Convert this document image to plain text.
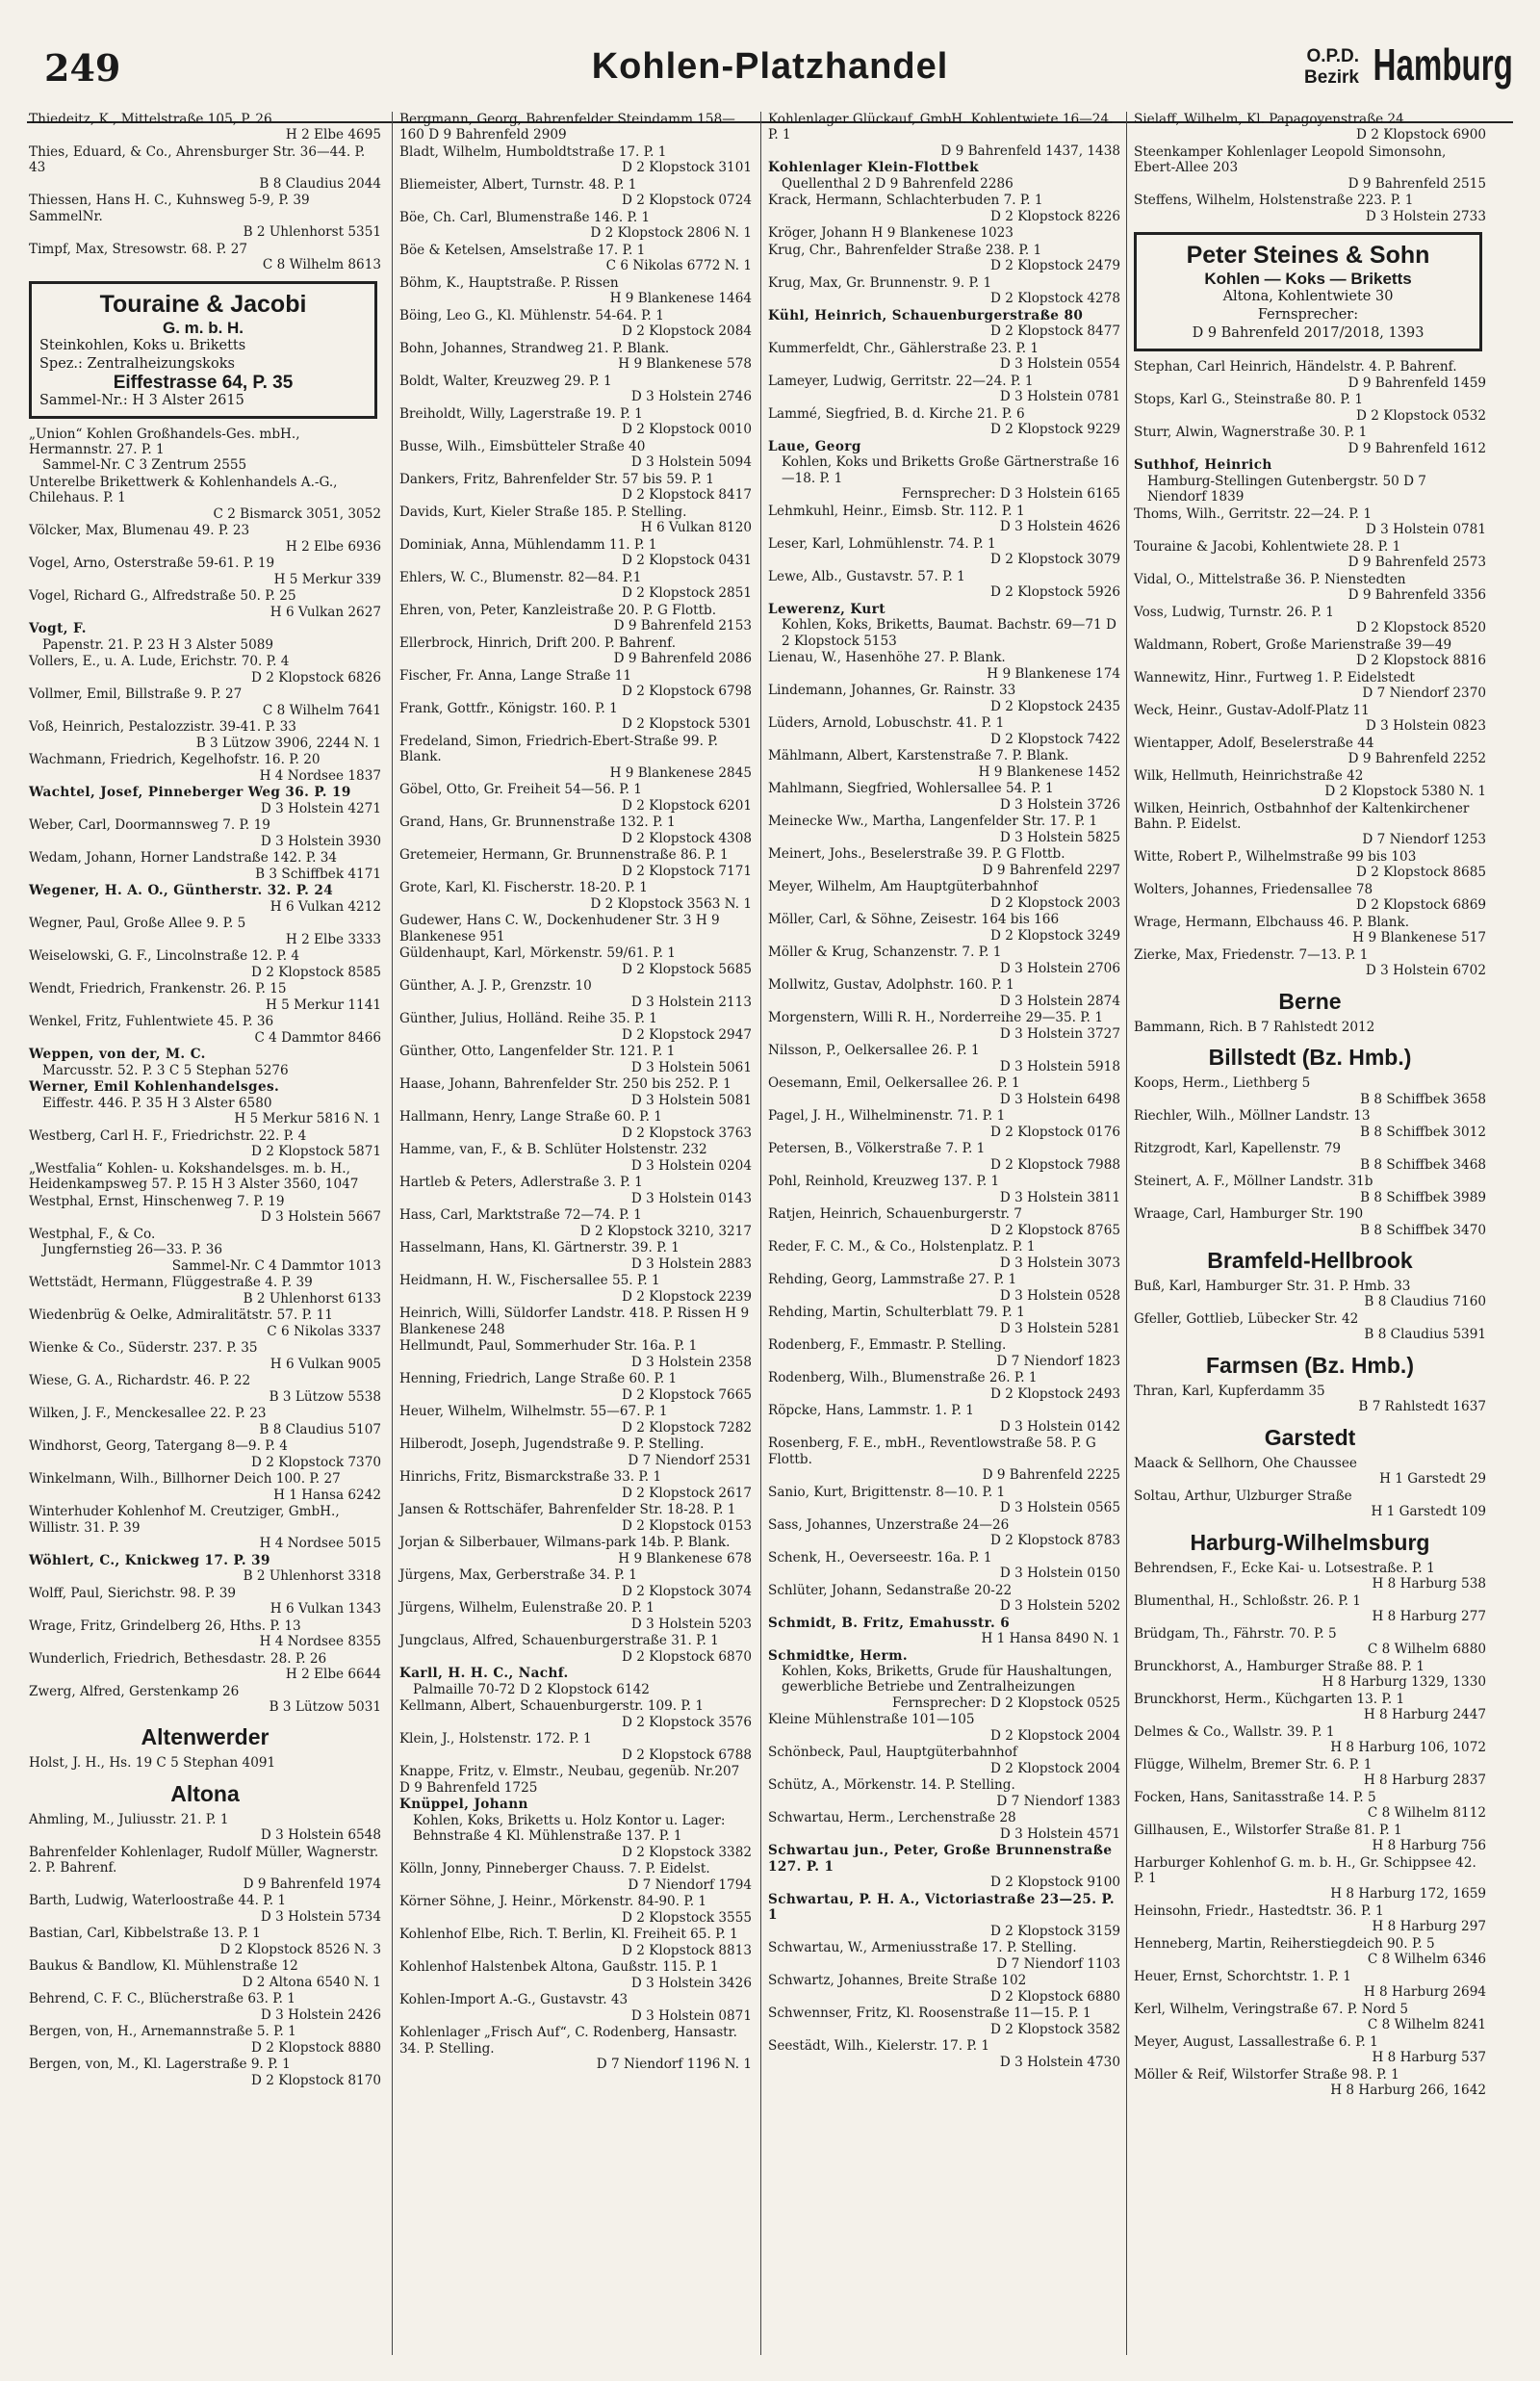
249	Kohlen-Platzhandel	O.P.D.
Bezirk Hamburg
Thiedeitz, K., Mittelstraße 105, P. 26
H 2 Elbe 4695
Thies, Eduard, & Co., Ahrensburger Str. 36—44. P. 43
B 8 Claudius 2044
Thiessen, Hans H. C., Kuhnsweg 5-9, P. 39 SammelNr.
B 2 Uhlenhorst 5351
Timpf, Max, Stresowstr. 68. P. 27
C 8 Wilhelm 8613
Touraine & Jacobi
G. m. b. H.
Steinkohlen, Koks u. Briketts
Spez.: Zentralheizungskoks
Eiffestrasse 64, P. 35
Sammel-Nr.: H 3 Alster 2615
„Union“ Kohlen Großhandels-Ges. mbH., Hermannstr. 27. P. 1
Sammel-Nr. C 3 Zentrum 2555
Unterelbe Brikettwerk & Kohlenhandels A.-G., Chilehaus. P. 1
C 2 Bismarck 3051, 3052
Völcker, Max, Blumenau 49. P. 23
H 2 Elbe 6936
Vogel, Arno, Osterstraße 59-61. P. 19
H 5 Merkur 339
Vogel, Richard G., Alfredstraße 50. P. 25
H 6 Vulkan 2627
Vogt, F.
Papenstr. 21. P. 23 H 3 Alster 5089
Vollers, E., u. A. Lude, Erichstr. 70. P. 4
D 2 Klopstock 6826
Vollmer, Emil, Billstraße 9. P. 27
C 8 Wilhelm 7641
Voß, Heinrich, Pestalozzistr. 39-41. P. 33
B 3 Lützow 3906, 2244 N. 1
Wachmann, Friedrich, Kegelhofstr. 16. P. 20
H 4 Nordsee 1837
Wachtel, Josef, Pinneberger Weg 36. P. 19
D 3 Holstein 4271
Weber, Carl, Doormannsweg 7. P. 19
D 3 Holstein 3930
Wedam, Johann, Horner Landstraße 142. P. 34
B 3 Schiffbek 4171
Wegener, H. A. O., Güntherstr. 32. P. 24
H 6 Vulkan 4212
Wegner, Paul, Große Allee 9. P. 5
H 2 Elbe 3333
Weiselowski, G. F., Lincolnstraße 12. P. 4
D 2 Klopstock 8585
Wendt, Friedrich, Frankenstr. 26. P. 15
H 5 Merkur 1141
Wenkel, Fritz, Fuhlentwiete 45. P. 36
C 4 Dammtor 8466
Weppen, von der, M. C.
Marcusstr. 52. P. 3 C 5 Stephan 5276
Werner, Emil Kohlenhandelsges.
Eiffestr. 446. P. 35 H 3 Alster 6580
H 5 Merkur 5816 N. 1
Westberg, Carl H. F., Friedrichstr. 22. P. 4
D 2 Klopstock 5871
„Westfalia“ Kohlen- u. Kokshandelsges. m. b. H., Heidenkampsweg 57. P. 15 H 3 Alster 3560, 1047
Westphal, Ernst, Hinschenweg 7. P. 19
D 3 Holstein 5667
Westphal, F., & Co.
Jungfernstieg 26—33. P. 36
Sammel-Nr. C 4 Dammtor 1013
Wettstädt, Hermann, Flüggestraße 4. P. 39
B 2 Uhlenhorst 6133
Wiedenbrüg & Oelke, Admiralitätstr. 57. P. 11
C 6 Nikolas 3337
Wienke & Co., Süderstr. 237. P. 35
H 6 Vulkan 9005
Wiese, G. A., Richardstr. 46. P. 22
B 3 Lützow 5538
Wilken, J. F., Menckesallee 22. P. 23
B 8 Claudius 5107
Windhorst, Georg, Tatergang 8—9. P. 4
D 2 Klopstock 7370
Winkelmann, Wilh., Billhorner Deich 100. P. 27
H 1 Hansa 6242
Winterhuder Kohlenhof M. Creutziger, GmbH., Willistr. 31. P. 39
H 4 Nordsee 5015
Wöhlert, C., Knickweg 17. P. 39
B 2 Uhlenhorst 3318
Wolff, Paul, Sierichstr. 98. P. 39
H 6 Vulkan 1343
Wrage, Fritz, Grindelberg 26, Hths. P. 13
H 4 Nordsee 8355
Wunderlich, Friedrich, Bethesdastr. 28. P. 26
H 2 Elbe 6644
Zwerg, Alfred, Gerstenkamp 26
B 3 Lützow 5031
Altenwerder
Holst, J. H., Hs. 19 C 5 Stephan 4091
Altona
Ahmling, M., Juliusstr. 21. P. 1
D 3 Holstein 6548
Bahrenfelder Kohlenlager, Rudolf Müller, Wagnerstr. 2. P. Bahrenf.
D 9 Bahrenfeld 1974
Barth, Ludwig, Waterloostraße 44. P. 1
D 3 Holstein 5734
Bastian, Carl, Kibbelstraße 13. P. 1
D 2 Klopstock 8526 N. 3
Baukus & Bandlow, Kl. Mühlenstraße 12
D 2 Altona 6540 N. 1
Behrend, C. F. C., Blücherstraße 63. P. 1
D 3 Holstein 2426
Bergen, von, H., Arnemannstraße 5. P. 1
D 2 Klopstock 8880
Bergen, von, M., Kl. Lagerstraße 9. P. 1
D 2 Klopstock 8170
Bergmann, Georg, Bahrenfelder Steindamm 158—160 D 9 Bahrenfeld 2909
Bladt, Wilhelm, Humboldtstraße 17. P. 1
D 2 Klopstock 3101
Bliemeister, Albert, Turnstr. 48. P. 1
D 2 Klopstock 0724
Böe, Ch. Carl, Blumenstraße 146. P. 1
D 2 Klopstock 2806 N. 1
Böe & Ketelsen, Amselstraße 17. P. 1
C 6 Nikolas 6772 N. 1
Böhm, K., Hauptstraße. P. Rissen
H 9 Blankenese 1464
Böing, Leo G., Kl. Mühlenstr. 54-64. P. 1
D 2 Klopstock 2084
Bohn, Johannes, Strandweg 21. P. Blank.
H 9 Blankenese 578
Boldt, Walter, Kreuzweg 29. P. 1
D 3 Holstein 2746
Breiholdt, Willy, Lagerstraße 19. P. 1
D 2 Klopstock 0010
Busse, Wilh., Eimsbütteler Straße 40
D 3 Holstein 5094
Dankers, Fritz, Bahrenfelder Str. 57 bis 59. P. 1
D 2 Klopstock 8417
Davids, Kurt, Kieler Straße 185. P. Stelling.
H 6 Vulkan 8120
Dominiak, Anna, Mühlendamm 11. P. 1
D 2 Klopstock 0431
Ehlers, W. C., Blumenstr. 82—84. P.1
D 2 Klopstock 2851
Ehren, von, Peter, Kanzleistraße 20. P. G Flottb.
D 9 Bahrenfeld 2153
Ellerbrock, Hinrich, Drift 200. P. Bahrenf.
D 9 Bahrenfeld 2086
Fischer, Fr. Anna, Lange Straße 11
D 2 Klopstock 6798
Frank, Gottfr., Königstr. 160. P. 1
D 2 Klopstock 5301
Fredeland, Simon, Friedrich-Ebert-Straße 99. P. Blank.
H 9 Blankenese 2845
Göbel, Otto, Gr. Freiheit 54—56. P. 1
D 2 Klopstock 6201
Grand, Hans, Gr. Brunnenstraße 132. P. 1
D 2 Klopstock 4308
Gretemeier, Hermann, Gr. Brunnenstraße 86. P. 1
D 2 Klopstock 7171
Grote, Karl, Kl. Fischerstr. 18-20. P. 1
D 2 Klopstock 3563 N. 1
Gudewer, Hans C. W., Dockenhudener Str. 3 H 9 Blankenese 951
Güldenhaupt, Karl, Mörkenstr. 59/61. P. 1
D 2 Klopstock 5685
Günther, A. J. P., Grenzstr. 10
D 3 Holstein 2113
Günther, Julius, Holländ. Reihe 35. P. 1
D 2 Klopstock 2947
Günther, Otto, Langenfelder Str. 121. P. 1
D 3 Holstein 5061
Haase, Johann, Bahrenfelder Str. 250 bis 252. P. 1
D 3 Holstein 5081
Hallmann, Henry, Lange Straße 60. P. 1
D 2 Klopstock 3763
Hamme, van, F., & B. Schlüter Holstenstr. 232
D 3 Holstein 0204
Hartleb & Peters, Adlerstraße 3. P. 1
D 3 Holstein 0143
Hass, Carl, Marktstraße 72—74. P. 1
D 2 Klopstock 3210, 3217
Hasselmann, Hans, Kl. Gärtnerstr. 39. P. 1
D 3 Holstein 2883
Heidmann, H. W., Fischersallee 55. P. 1
D 2 Klopstock 2239
Heinrich, Willi, Süldorfer Landstr. 418. P. Rissen H 9 Blankenese 248
Hellmundt, Paul, Sommerhuder Str. 16a. P. 1
D 3 Holstein 2358
Henning, Friedrich, Lange Straße 60. P. 1
D 2 Klopstock 7665
Heuer, Wilhelm, Wilhelmstr. 55—67. P. 1
D 2 Klopstock 7282
Hilberodt, Joseph, Jugendstraße 9. P. Stelling.
D 7 Niendorf 2531
Hinrichs, Fritz, Bismarckstraße 33. P. 1
D 2 Klopstock 2617
Jansen & Rottschäfer, Bahrenfelder Str. 18-28. P. 1
D 2 Klopstock 0153
Jorjan & Silberbauer, Wilmans-park 14b. P. Blank.
H 9 Blankenese 678
Jürgens, Max, Gerberstraße 34. P. 1
D 2 Klopstock 3074
Jürgens, Wilhelm, Eulenstraße 20. P. 1
D 3 Holstein 5203
Jungclaus, Alfred, Schauenburgerstraße 31. P. 1
D 2 Klopstock 6870
Karll, H. H. C., Nachf.
Palmaille 70-72 D 2 Klopstock 6142
Kellmann, Albert, Schauenburgerstr. 109. P. 1
D 2 Klopstock 3576
Klein, J., Holstenstr. 172. P. 1
D 2 Klopstock 6788
Knappe, Fritz, v. Elmstr., Neubau, gegenüb. Nr.207 D 9 Bahrenfeld 1725
Knüppel, Johann
Kohlen, Koks, Briketts u. Holz Kontor u. Lager: Behnstraße 4 Kl. Mühlenstraße 137. P. 1
D 2 Klopstock 3382
Kölln, Jonny, Pinneberger Chauss. 7. P. Eidelst.
D 7 Niendorf 1794
Körner Söhne, J. Heinr., Mörkenstr. 84-90. P. 1
D 2 Klopstock 3555
Kohlenhof Elbe, Rich. T. Berlin, Kl. Freiheit 65. P. 1
D 2 Klopstock 8813
Kohlenhof Halstenbek Altona, Gaußstr. 115. P. 1
D 3 Holstein 3426
Kohlen-Import A.-G., Gustavstr. 43
D 3 Holstein 0871
Kohlenlager „Frisch Auf“, C. Rodenberg, Hansastr. 34. P. Stelling.
D 7 Niendorf 1196 N. 1
Kohlenlager Glückauf, GmbH. Kohlentwiete 16—24. P. 1
D 9 Bahrenfeld 1437, 1438
Kohlenlager Klein-Flottbek
Quellenthal 2 D 9 Bahrenfeld 2286
Krack, Hermann, Schlachterbuden 7. P. 1
D 2 Klopstock 8226
Kröger, Johann H 9 Blankenese 1023
Krug, Chr., Bahrenfelder Straße 238. P. 1
D 2 Klopstock 2479
Krug, Max, Gr. Brunnenstr. 9. P. 1
D 2 Klopstock 4278
Kühl, Heinrich, Schauenburgerstraße 80
D 2 Klopstock 8477
Kummerfeldt, Chr., Gählerstraße 23. P. 1
D 3 Holstein 0554
Lameyer, Ludwig, Gerritstr. 22—24. P. 1
D 3 Holstein 0781
Lammé, Siegfried, B. d. Kirche 21. P. 6
D 2 Klopstock 9229
Laue, Georg
Kohlen, Koks und Briketts Große Gärtnerstraße 16—18. P. 1
Fernsprecher: D 3 Holstein 6165
Lehmkuhl, Heinr., Eimsb. Str. 112. P. 1
D 3 Holstein 4626
Leser, Karl, Lohmühlenstr. 74. P. 1
D 2 Klopstock 3079
Lewe, Alb., Gustavstr. 57. P. 1
D 2 Klopstock 5926
Lewerenz, Kurt
Kohlen, Koks, Briketts, Baumat. Bachstr. 69—71 D 2 Klopstock 5153
Lienau, W., Hasenhöhe 27. P. Blank.
H 9 Blankenese 174
Lindemann, Johannes, Gr. Rainstr. 33
D 2 Klopstock 2435
Lüders, Arnold, Lobuschstr. 41. P. 1
D 2 Klopstock 7422
Mählmann, Albert, Karstenstraße 7. P. Blank.
H 9 Blankenese 1452
Mahlmann, Siegfried, Wohlersallee 54. P. 1
D 3 Holstein 3726
Meinecke Ww., Martha, Langenfelder Str. 17. P. 1
D 3 Holstein 5825
Meinert, Johs., Beselerstraße 39. P. G Flottb.
D 9 Bahrenfeld 2297
Meyer, Wilhelm, Am Hauptgüterbahnhof
D 2 Klopstock 2003
Möller, Carl, & Söhne, Zeisestr. 164 bis 166
D 2 Klopstock 3249
Möller & Krug, Schanzenstr. 7. P. 1
D 3 Holstein 2706
Mollwitz, Gustav, Adolphstr. 160. P. 1
D 3 Holstein 2874
Morgenstern, Willi R. H., Norderreihe 29—35. P. 1
D 3 Holstein 3727
Nilsson, P., Oelkersallee 26. P. 1
D 3 Holstein 5918
Oesemann, Emil, Oelkersallee 26. P. 1
D 3 Holstein 6498
Pagel, J. H., Wilhelminenstr. 71. P. 1
D 2 Klopstock 0176
Petersen, B., Völkerstraße 7. P. 1
D 2 Klopstock 7988
Pohl, Reinhold, Kreuzweg 137. P. 1
D 3 Holstein 3811
Ratjen, Heinrich, Schauenburgerstr. 7
D 2 Klopstock 8765
Reder, F. C. M., & Co., Holstenplatz. P. 1
D 3 Holstein 3073
Rehding, Georg, Lammstraße 27. P. 1
D 3 Holstein 0528
Rehding, Martin, Schulterblatt 79. P. 1
D 3 Holstein 5281
Rodenberg, F., Emmastr. P. Stelling.
D 7 Niendorf 1823
Rodenberg, Wilh., Blumenstraße 26. P. 1
D 2 Klopstock 2493
Röpcke, Hans, Lammstr. 1. P. 1
D 3 Holstein 0142
Rosenberg, F. E., mbH., Reventlowstraße 58. P. G Flottb.
D 9 Bahrenfeld 2225
Sanio, Kurt, Brigittenstr. 8—10. P. 1
D 3 Holstein 0565
Sass, Johannes, Unzerstraße 24—26
D 2 Klopstock 8783
Schenk, H., Oeverseestr. 16a. P. 1
D 3 Holstein 0150
Schlüter, Johann, Sedanstraße 20-22
D 3 Holstein 5202
Schmidt, B. Fritz, Emahusstr. 6
H 1 Hansa 8490 N. 1
Schmidtke, Herm.
Kohlen, Koks, Briketts, Grude für Haushaltungen, gewerbliche Betriebe und Zentralheizungen
Fernsprecher: D 2 Klopstock 0525
Kleine Mühlenstraße 101—105
D 2 Klopstock 2004
Schönbeck, Paul, Hauptgüterbahnhof
D 2 Klopstock 2004
Schütz, A., Mörkenstr. 14. P. Stelling.
D 7 Niendorf 1383
Schwartau, Herm., Lerchenstraße 28
D 3 Holstein 4571
Schwartau jun., Peter, Große Brunnenstraße 127. P. 1
D 2 Klopstock 9100
Schwartau, P. H. A., Victoriastraße 23—25. P. 1
D 2 Klopstock 3159
Schwartau, W., Armeniusstraße 17. P. Stelling.
D 7 Niendorf 1103
Schwartz, Johannes, Breite Straße 102
D 2 Klopstock 6880
Schwennser, Fritz, Kl. Roosenstraße 11—15. P. 1
D 2 Klopstock 3582
Seestädt, Wilh., Kielerstr. 17. P. 1
D 3 Holstein 4730
Sielaff, Wilhelm, Kl. Papagoyenstraße 24
D 2 Klopstock 6900
Steenkamper Kohlenlager Leopold Simonsohn, Ebert-Allee 203
D 9 Bahrenfeld 2515
Steffens, Wilhelm, Holstenstraße 223. P. 1
D 3 Holstein 2733
Peter Steines & Sohn
Kohlen — Koks — Briketts
Altona, Kohlentwiete 30
Fernsprecher:
D 9 Bahrenfeld 2017/2018, 1393
Stephan, Carl Heinrich, Händelstr. 4. P. Bahrenf.
D 9 Bahrenfeld 1459
Stops, Karl G., Steinstraße 80. P. 1
D 2 Klopstock 0532
Sturr, Alwin, Wagnerstraße 30. P. 1
D 9 Bahrenfeld 1612
Suthhof, Heinrich
Hamburg-Stellingen Gutenbergstr. 50 D 7 Niendorf 1839
Thoms, Wilh., Gerritstr. 22—24. P. 1
D 3 Holstein 0781
Touraine & Jacobi, Kohlentwiete 28. P. 1
D 9 Bahrenfeld 2573
Vidal, O., Mittelstraße 36. P. Nienstedten
D 9 Bahrenfeld 3356
Voss, Ludwig, Turnstr. 26. P. 1
D 2 Klopstock 8520
Waldmann, Robert, Große Marienstraße 39—49
D 2 Klopstock 8816
Wannewitz, Hinr., Furtweg 1. P. Eidelstedt
D 7 Niendorf 2370
Weck, Heinr., Gustav-Adolf-Platz 11
D 3 Holstein 0823
Wientapper, Adolf, Beselerstraße 44
D 9 Bahrenfeld 2252
Wilk, Hellmuth, Heinrichstraße 42
D 2 Klopstock 5380 N. 1
Wilken, Heinrich, Ostbahnhof der Kaltenkirchener Bahn. P. Eidelst.
D 7 Niendorf 1253
Witte, Robert P., Wilhelmstraße 99 bis 103
D 2 Klopstock 8685
Wolters, Johannes, Friedensallee 78
D 2 Klopstock 6869
Wrage, Hermann, Elbchauss 46. P. Blank.
H 9 Blankenese 517
Zierke, Max, Friedenstr. 7—13. P. 1
D 3 Holstein 6702
Berne
Bammann, Rich. B 7 Rahlstedt 2012
Billstedt (Bz. Hmb.)
Koops, Herm., Liethberg 5
B 8 Schiffbek 3658
Riechler, Wilh., Möllner Landstr. 13
B 8 Schiffbek 3012
Ritzgrodt, Karl, Kapellenstr. 79
B 8 Schiffbek 3468
Steinert, A. F., Möllner Landstr. 31b
B 8 Schiffbek 3989
Wraage, Carl, Hamburger Str. 190
B 8 Schiffbek 3470
Bramfeld-Hellbrook
Buß, Karl, Hamburger Str. 31. P. Hmb. 33
B 8 Claudius 7160
Gfeller, Gottlieb, Lübecker Str. 42
B 8 Claudius 5391
Farmsen (Bz. Hmb.)
Thran, Karl, Kupferdamm 35
B 7 Rahlstedt 1637
Garstedt
Maack & Sellhorn, Ohe Chaussee
H 1 Garstedt 29
Soltau, Arthur, Ulzburger Straße
H 1 Garstedt 109
Harburg-Wilhelmsburg
Behrendsen, F., Ecke Kai- u. Lotsestraße. P. 1
H 8 Harburg 538
Blumenthal, H., Schloßstr. 26. P. 1
H 8 Harburg 277
Brüdgam, Th., Fährstr. 70. P. 5
C 8 Wilhelm 6880
Brunckhorst, A., Hamburger Straße 88. P. 1
H 8 Harburg 1329, 1330
Brunckhorst, Herm., Küchgarten 13. P. 1
H 8 Harburg 2447
Delmes & Co., Wallstr. 39. P. 1
H 8 Harburg 106, 1072
Flügge, Wilhelm, Bremer Str. 6. P. 1
H 8 Harburg 2837
Focken, Hans, Sanitasstraße 14. P. 5
C 8 Wilhelm 8112
Gillhausen, E., Wilstorfer Straße 81. P. 1
H 8 Harburg 756
Harburger Kohlenhof G. m. b. H., Gr. Schippsee 42. P. 1
H 8 Harburg 172, 1659
Heinsohn, Friedr., Hastedtstr. 36. P. 1
H 8 Harburg 297
Henneberg, Martin, Reiherstiegdeich 90. P. 5
C 8 Wilhelm 6346
Heuer, Ernst, Schorchtstr. 1. P. 1
H 8 Harburg 2694
Kerl, Wilhelm, Veringstraße 67. P. Nord 5
C 8 Wilhelm 8241
Meyer, August, Lassallestraße 6. P. 1
H 8 Harburg 537
Möller & Reif, Wilstorfer Straße 98. P. 1
H 8 Harburg 266, 1642
